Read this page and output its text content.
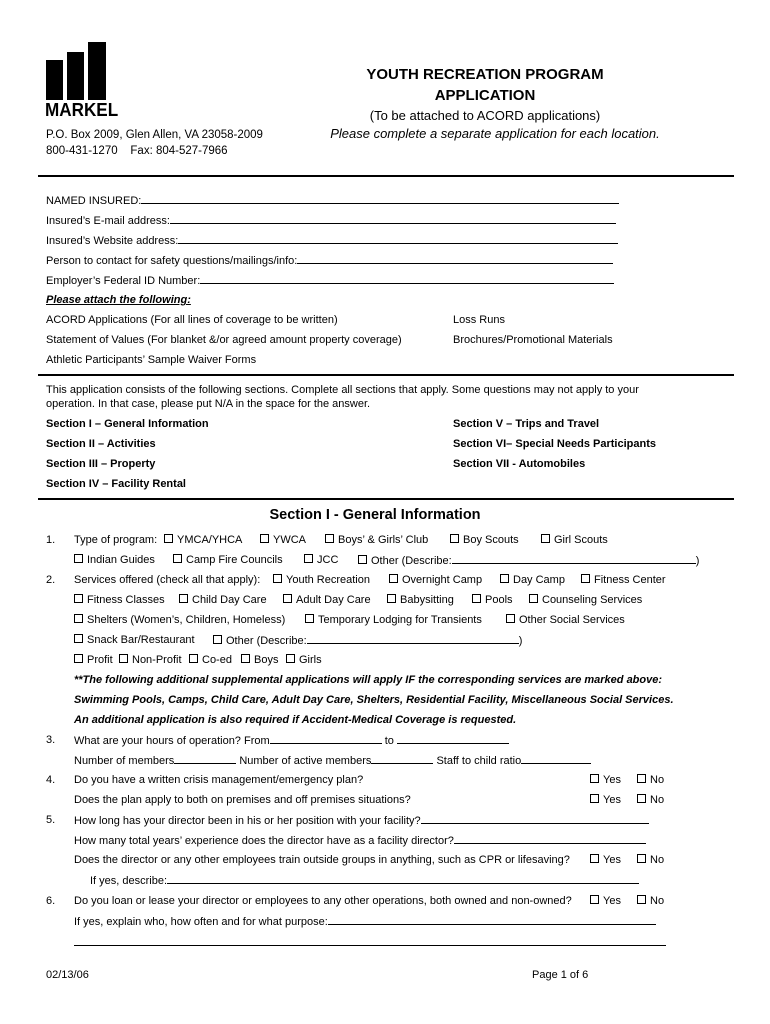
MARKEL
P.O. Box 2009, Glen Allen, VA 23058-2009
800-431-1270    Fax: 804-527-7966
YOUTH RECREATION PROGRAM
APPLICATION
(To be attached to ACORD applications)
Please complete a separate application for each location.
NAMED INSURED:
Insured’s E-mail address:
Insured’s Website address:
Person to contact for safety questions/mailings/info:
Employer’s Federal ID Number:
Please attach the following:
ACORD Applications (For all lines of coverage to be written)	Loss Runs
Statement of Values (For blanket &/or agreed amount property coverage)	Brochures/Promotional Materials
Athletic Participants’ Sample Waiver Forms
This application consists of the following sections. Complete all sections that apply. Some questions may not apply to your
operation. In that case, please put N/A in the space for the answer.
Section I – General Information
Section II – Activities
Section III – Property
Section IV – Facility Rental
Section V – Trips and Travel
Section VI– Special Needs Participants
Section VII - Automobiles
Section I - General Information
1. Type of program:	YMCA/YHCA	YWCA	Boys’ & Girls’ Club	Boy Scouts	Girl Scouts
Indian Guides	Camp Fire Councils	JCC	Other (Describe:	)
2. Services offered (check all that apply):	Youth Recreation	Overnight Camp	Day Camp	Fitness Center
Fitness Classes	Child Day Care	Adult Day Care	Babysitting	Pools	Counseling Services
Shelters (Women’s, Children, Homeless)	Temporary Lodging for Transients	Other Social Services
Snack Bar/Restaurant	Other (Describe:	)
Profit	Non-Profit	Co-ed	Boys	Girls
**The following additional supplemental applications will apply IF the corresponding services are marked above:
Swimming Pools, Camps, Child Care, Adult Day Care, Shelters, Residential Facility, Miscellaneous Social Services.
An additional application is also required if Accident-Medical Coverage is requested.
3. What are your hours of operation? From	to
Number of members	Number of active members	Staff to child ratio
4. Do you have a written crisis management/emergency plan?	Yes	No
Does the plan apply to both on premises and off premises situations?	Yes	No
5. How long has your director been in his or her position with your facility?
How many total years’ experience does the director have as a facility director?
Does the director or any other employees train outside groups in anything, such as CPR or lifesaving?	Yes	No
If yes, describe:
6. Do you loan or lease your director or employees to any other operations, both owned and non-owned?	Yes	No
If yes, explain who, how often and for what purpose:
02/13/06	Page 1 of 6
